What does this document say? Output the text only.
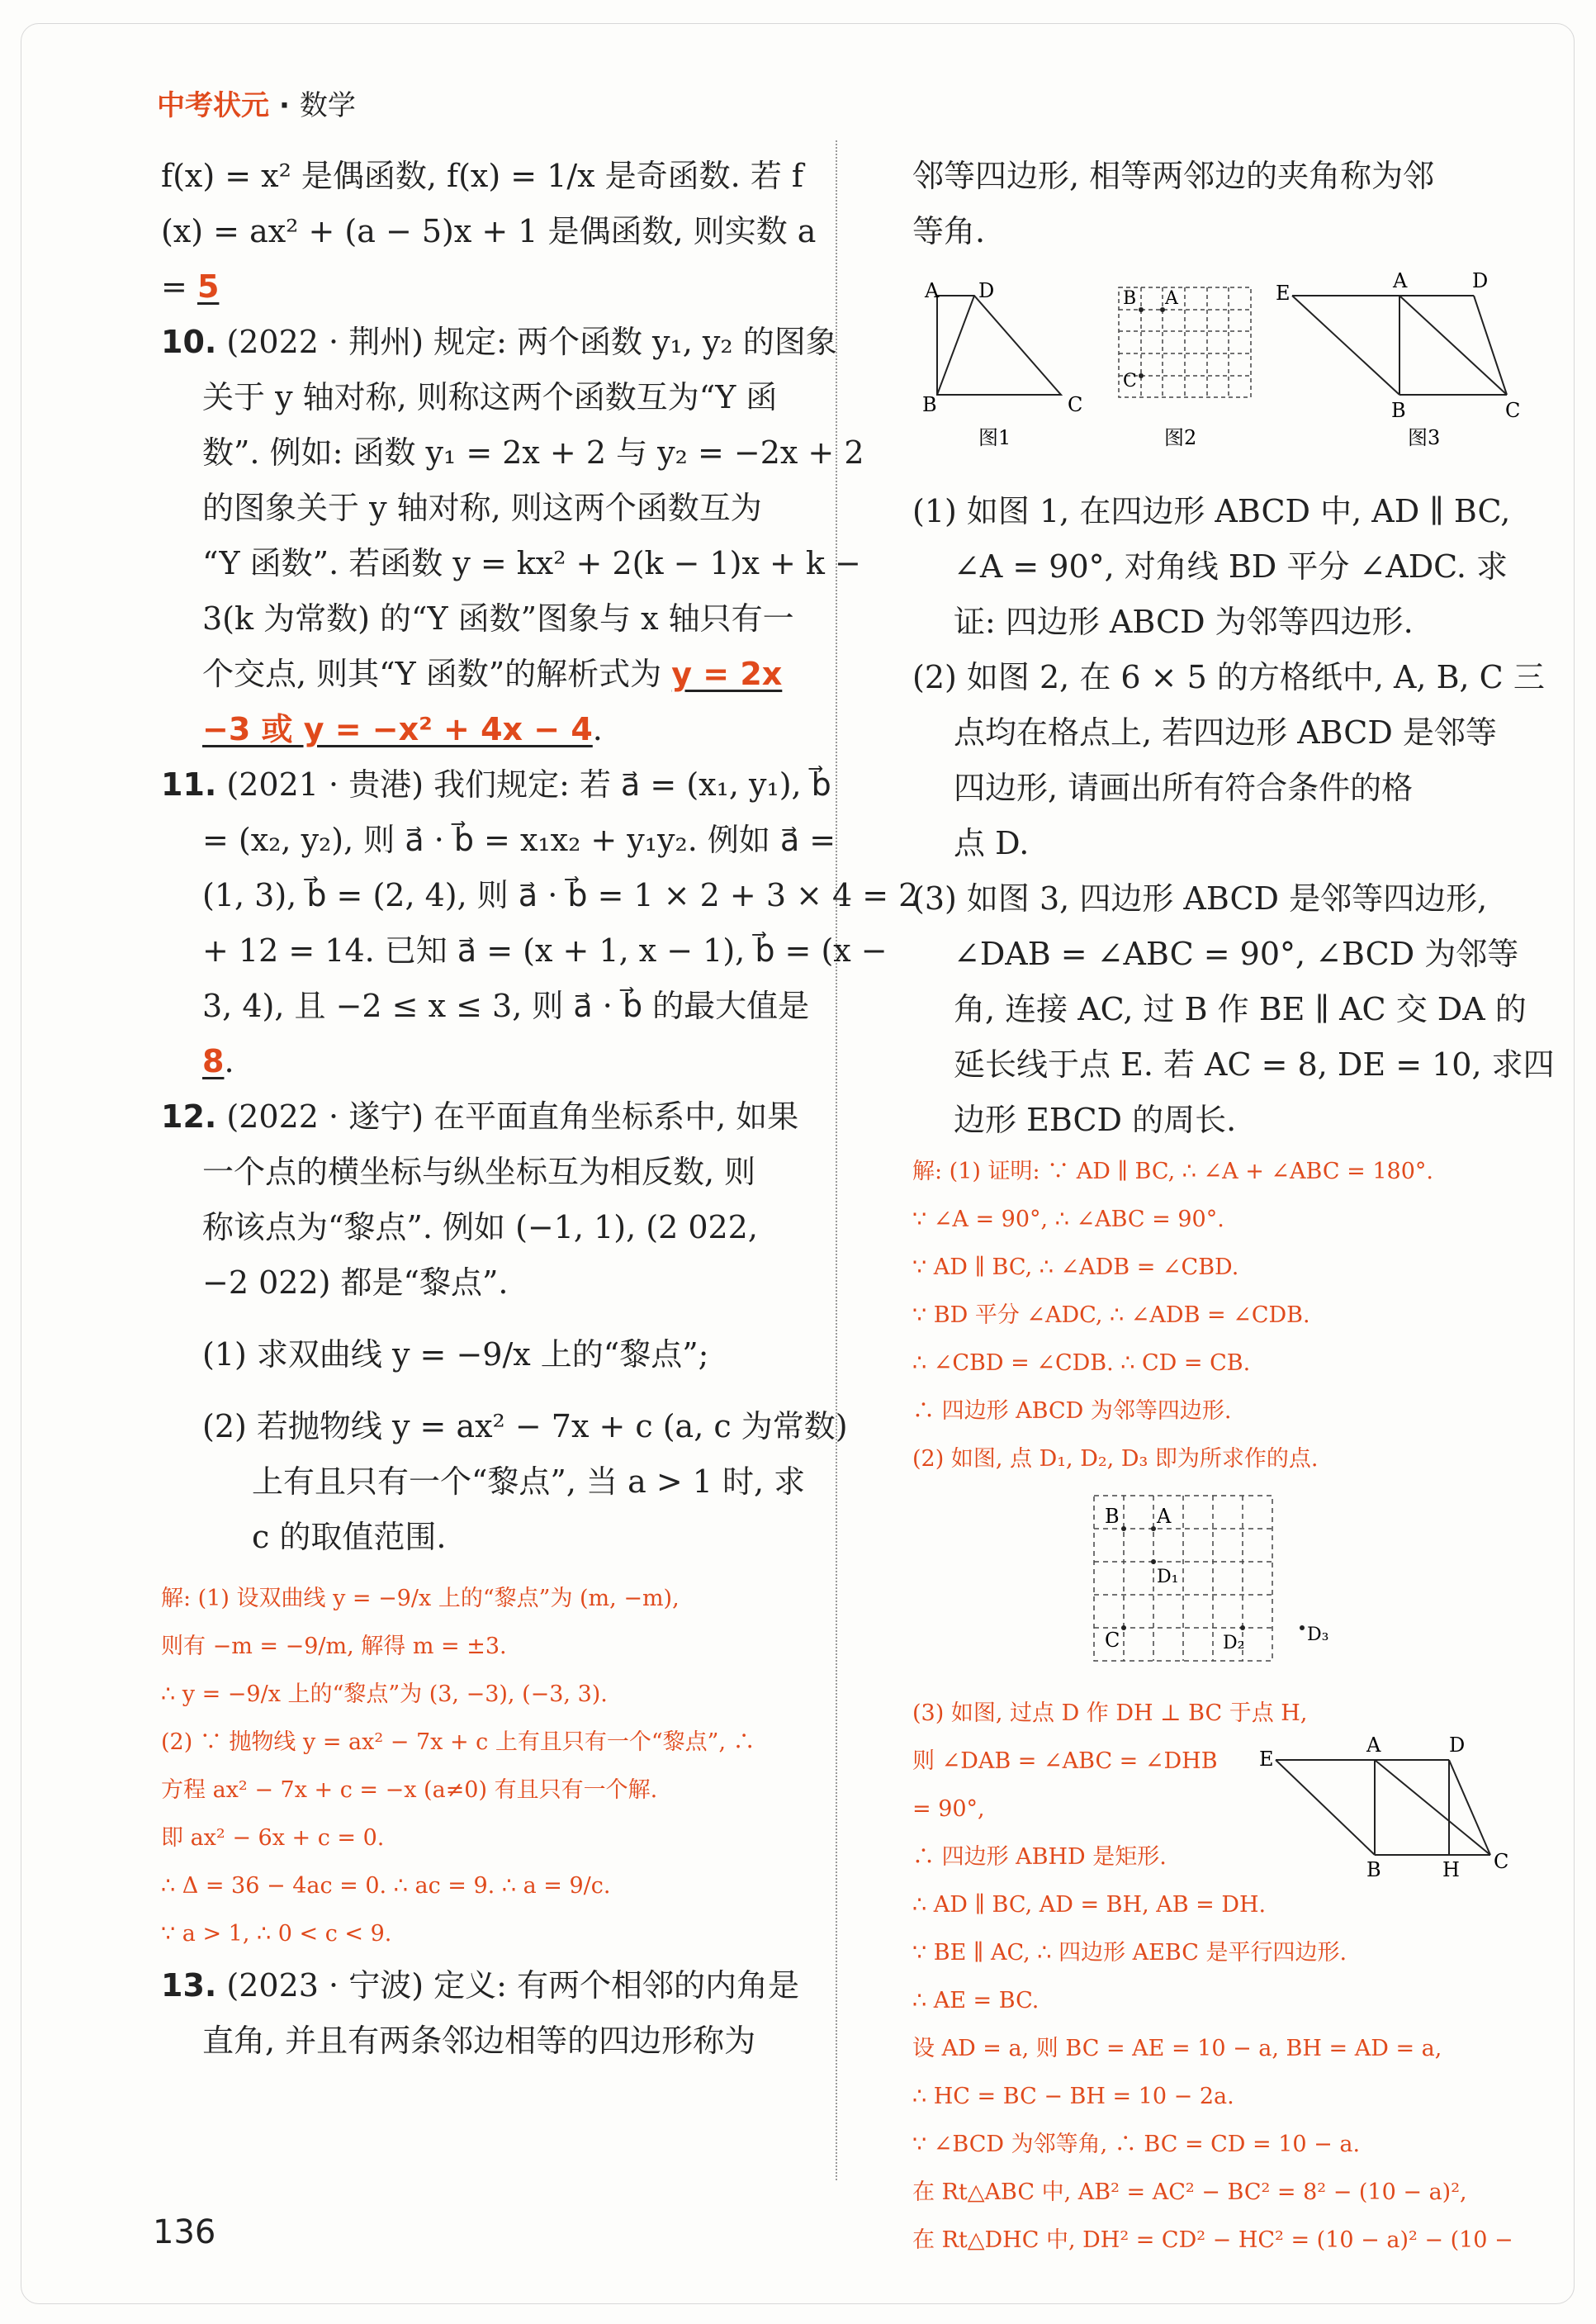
中考状元 · 数学
f(x) = x² 是偶函数, f(x) = 1/x 是奇函数. 若 f
(x) = ax² + (a − 5)x + 1 是偶函数, 则实数 a
= 5
10. (2022 · 荆州) 规定: 两个函数 y₁, y₂ 的图象
关于 y 轴对称, 则称这两个函数互为“Y 函
数”. 例如: 函数 y₁ = 2x + 2 与 y₂ = −2x + 2
的图象关于 y 轴对称, 则这两个函数互为
“Y 函数”. 若函数 y = kx² + 2(k − 1)x + k −
3(k 为常数) 的“Y 函数”图象与 x 轴只有一
个交点, 则其“Y 函数”的解析式为 y = 2x
−3 或 y = −x² + 4x − 4.
11. (2021 · 贵港) 我们规定: 若 a⃗ = (x₁, y₁), b⃗
= (x₂, y₂), 则 a⃗ · b⃗ = x₁x₂ + y₁y₂. 例如 a⃗ =
(1, 3), b⃗ = (2, 4), 则 a⃗ · b⃗ = 1 × 2 + 3 × 4 = 2
+ 12 = 14. 已知 a⃗ = (x + 1, x − 1), b⃗ = (x −
3, 4), 且 −2 ≤ x ≤ 3, 则 a⃗ · b⃗ 的最大值是
8.
12. (2022 · 遂宁) 在平面直角坐标系中, 如果
一个点的横坐标与纵坐标互为相反数, 则
称该点为“黎点”. 例如 (−1, 1), (2 022,
−2 022) 都是“黎点”.
(1) 求双曲线 y = −9/x 上的“黎点”;
(2) 若抛物线 y = ax² − 7x + c (a, c 为常数)
上有且只有一个“黎点”, 当 a > 1 时, 求
c 的取值范围.
解: (1) 设双曲线 y = −9/x 上的“黎点”为 (m, −m),
则有 −m = −9/m, 解得 m = ±3.
∴ y = −9/x 上的“黎点”为 (3, −3), (−3, 3).
(2) ∵ 抛物线 y = ax² − 7x + c 上有且只有一个“黎点”, ∴
方程 ax² − 7x + c = −x (a≠0) 有且只有一个解.
即 ax² − 6x + c = 0.
∴ Δ = 36 − 4ac = 0. ∴ ac = 9. ∴ a = 9/c.
∵ a > 1, ∴ 0 < c < 9.
13. (2023 · 宁波) 定义: 有两个相邻的内角是
直角, 并且有两条邻边相等的四边形称为
邻等四边形, 相等两邻边的夹角称为邻
等角.
A D
B	C
图1
B A
C
图2
E
A	D
B	C
图3
(1) 如图 1, 在四边形 ABCD 中, AD ∥ BC,
∠A = 90°, 对角线 BD 平分 ∠ADC. 求
证: 四边形 ABCD 为邻等四边形.
(2) 如图 2, 在 6 × 5 的方格纸中, A, B, C 三
点均在格点上, 若四边形 ABCD 是邻等
四边形, 请画出所有符合条件的格
点 D.
(3) 如图 3, 四边形 ABCD 是邻等四边形,
∠DAB = ∠ABC = 90°, ∠BCD 为邻等
角, 连接 AC, 过 B 作 BE ∥ AC 交 DA 的
延长线于点 E. 若 AC = 8, DE = 10, 求四
边形 EBCD 的周长.
解: (1) 证明: ∵ AD ∥ BC, ∴ ∠A + ∠ABC = 180°.
∵ ∠A = 90°, ∴ ∠ABC = 90°.
∵ AD ∥ BC, ∴ ∠ADB = ∠CBD.
∵ BD 平分 ∠ADC, ∴ ∠ADB = ∠CDB.
∴ ∠CBD = ∠CDB. ∴ CD = CB.
∴ 四边形 ABCD 为邻等四边形.
(2) 如图, 点 D₁, D₂, D₃ 即为所求作的点.
B A
D₁
C	D₂	D₃
(3) 如图, 过点 D 作 DH ⊥ BC 于点 H,
则 ∠DAB = ∠ABC = ∠DHB
= 90°,
∴ 四边形 ABHD 是矩形.
∴ AD ∥ BC, AD = BH, AB = DH.
E
A	D
B	H C
∵ BE ∥ AC, ∴ 四边形 AEBC 是平行四边形.
∴ AE = BC.
设 AD = a, 则 BC = AE = 10 − a, BH = AD = a,
∴ HC = BC − BH = 10 − 2a.
∵ ∠BCD 为邻等角, ∴ BC = CD = 10 − a.
在 Rt△ABC 中, AB² = AC² − BC² = 8² − (10 − a)²,
在 Rt△DHC 中, DH² = CD² − HC² = (10 − a)² − (10 −
136
